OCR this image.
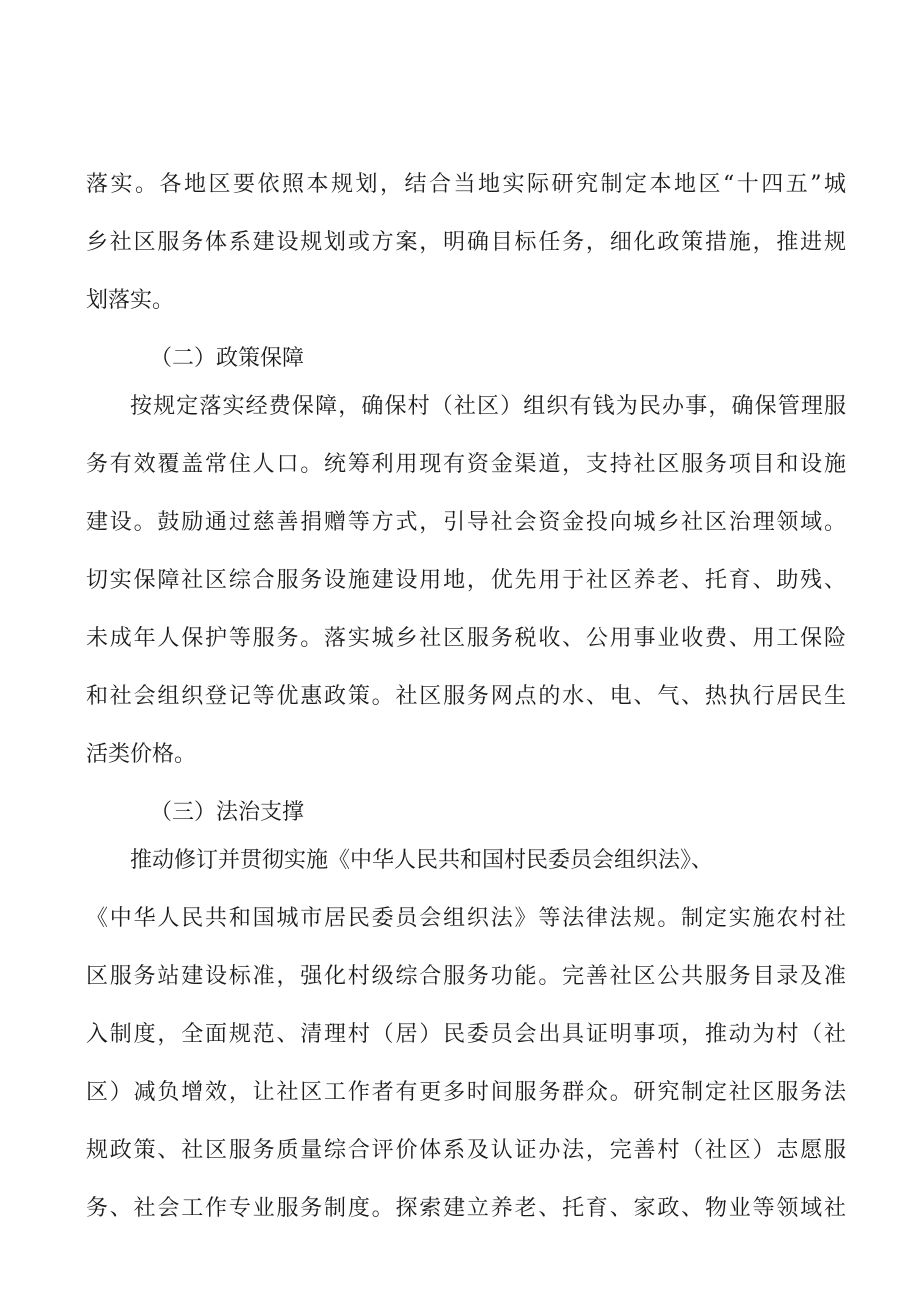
落实。各地区要依照本规划，结合当地实际研究制定本地区“十四五”城
乡社区服务体系建设规划或方案，明确目标任务，细化政策措施，推进规
划落实。
（二）政策保障
按规定落实经费保障，确保村（社区）组织有钱为民办事，确保管理服
务有效覆盖常住人口。统筹利用现有资金渠道，支持社区服务项目和设施
建设。鼓励通过慈善捐赠等方式，引导社会资金投向城乡社区治理领域。
切实保障社区综合服务设施建设用地，优先用于社区养老、托育、助残、
未成年人保护等服务。落实城乡社区服务税收、公用事业收费、用工保险
和社会组织登记等优惠政策。社区服务网点的水、电、气、热执行居民生
活类价格。
（三）法治支撑
推动修订并贯彻实施《中华人民共和国村民委员会组织法》、
《中华人民共和国城市居民委员会组织法》等法律法规。制定实施农村社
区服务站建设标准，强化村级综合服务功能。完善社区公共服务目录及准
入制度，全面规范、清理村（居）民委员会出具证明事项，推动为村（社
区）减负增效，让社区工作者有更多时间服务群众。研究制定社区服务法
规政策、社区服务质量综合评价体系及认证办法，完善村（社区）志愿服
务、社会工作专业服务制度。探索建立养老、托育、家政、物业等领域社
